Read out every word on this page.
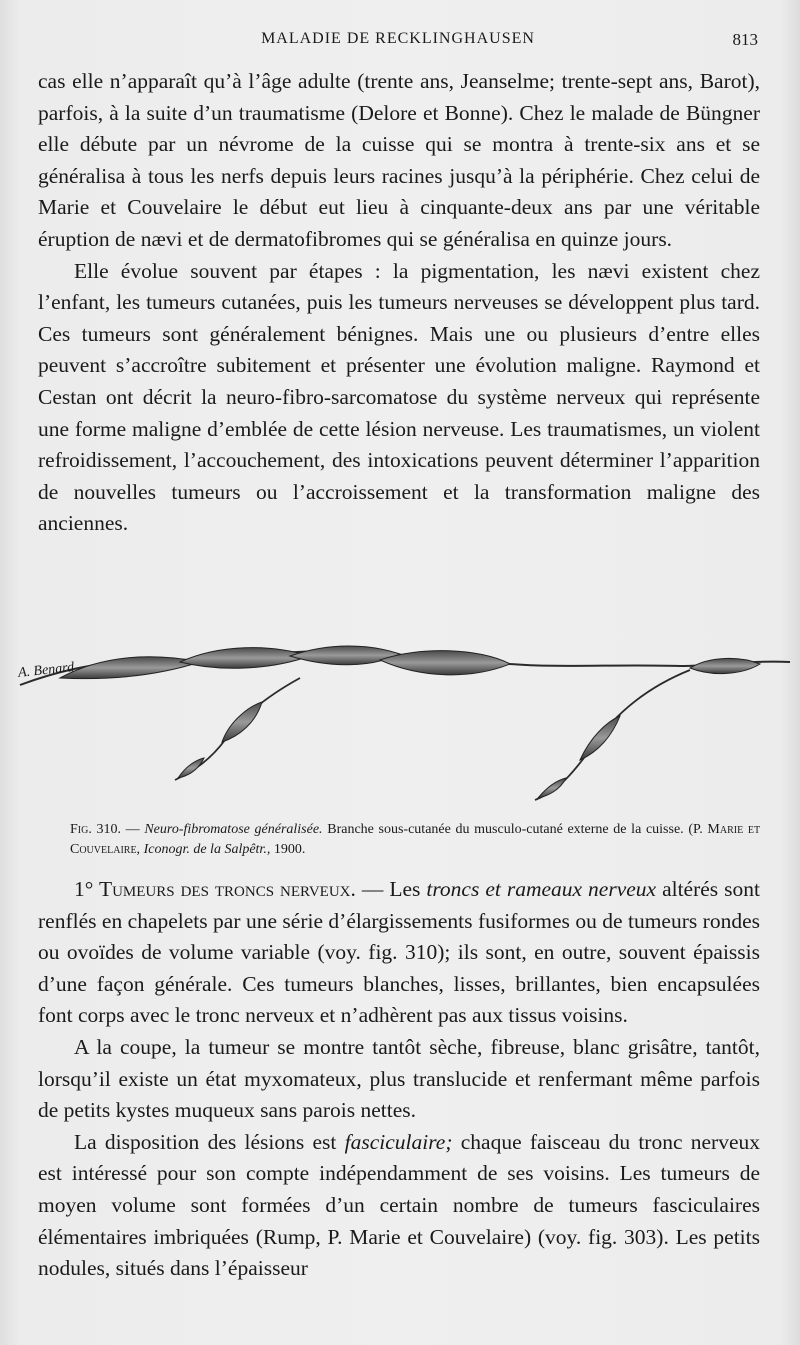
MALADIE DE RECKLINGHAUSEN	813

cas elle n’apparaît qu’à l’âge adulte (trente ans, Jeanselme; trente-sept ans, Barot), parfois, à la suite d’un traumatisme (Delore et Bonne). Chez le malade de Büngner elle débute par un névrome de la cuisse qui se montra à trente-six ans et se généralisa à tous les nerfs depuis leurs racines jusqu’à la périphérie. Chez celui de Marie et Couvelaire le début eut lieu à cinquante-deux ans par une véritable éruption de nævi et de dermatofibromes qui se généralisa en quinze jours.

Elle évolue souvent par étapes : la pigmentation, les nævi existent chez l’enfant, les tumeurs cutanées, puis les tumeurs nerveuses se développent plus tard. Ces tumeurs sont généralement bénignes. Mais une ou plusieurs d’entre elles peuvent s’accroître subitement et présenter une évolution maligne. Raymond et Cestan ont décrit la neuro-fibro-sarcomatose du système nerveux qui représente une forme maligne d’emblée de cette lésion nerveuse. Les traumatismes, un violent refroidissement, l’accouchement, des intoxications peuvent déterminer l’apparition de nouvelles tumeurs ou l’accroissement et la transformation maligne des anciennes.

A. Benard
Fig. 310. — Neuro-fibromatose généralisée. Branche sous-cutanée du musculo-cutané externe de la cuisse. (P. Marie et Couvelaire, Iconogr. de la Salpêtr., 1900.

1° Tumeurs des troncs nerveux. — Les troncs et rameaux nerveux altérés sont renflés en chapelets par une série d’élargissements fusiformes ou de tumeurs rondes ou ovoïdes de volume variable (voy. fig. 310); ils sont, en outre, souvent épaissis d’une façon générale. Ces tumeurs blanches, lisses, brillantes, bien encapsulées font corps avec le tronc nerveux et n’adhèrent pas aux tissus voisins.

A la coupe, la tumeur se montre tantôt sèche, fibreuse, blanc grisâtre, tantôt, lorsqu’il existe un état myxomateux, plus translucide et renfermant même parfois de petits kystes muqueux sans parois nettes.

La disposition des lésions est fasciculaire; chaque faisceau du tronc nerveux est intéressé pour son compte indépendamment de ses voisins. Les tumeurs de moyen volume sont formées d’un certain nombre de tumeurs fasciculaires élémentaires imbriquées (Rump, P. Marie et Couvelaire) (voy. fig. 303). Les petits nodules, situés dans l’épaisseur
